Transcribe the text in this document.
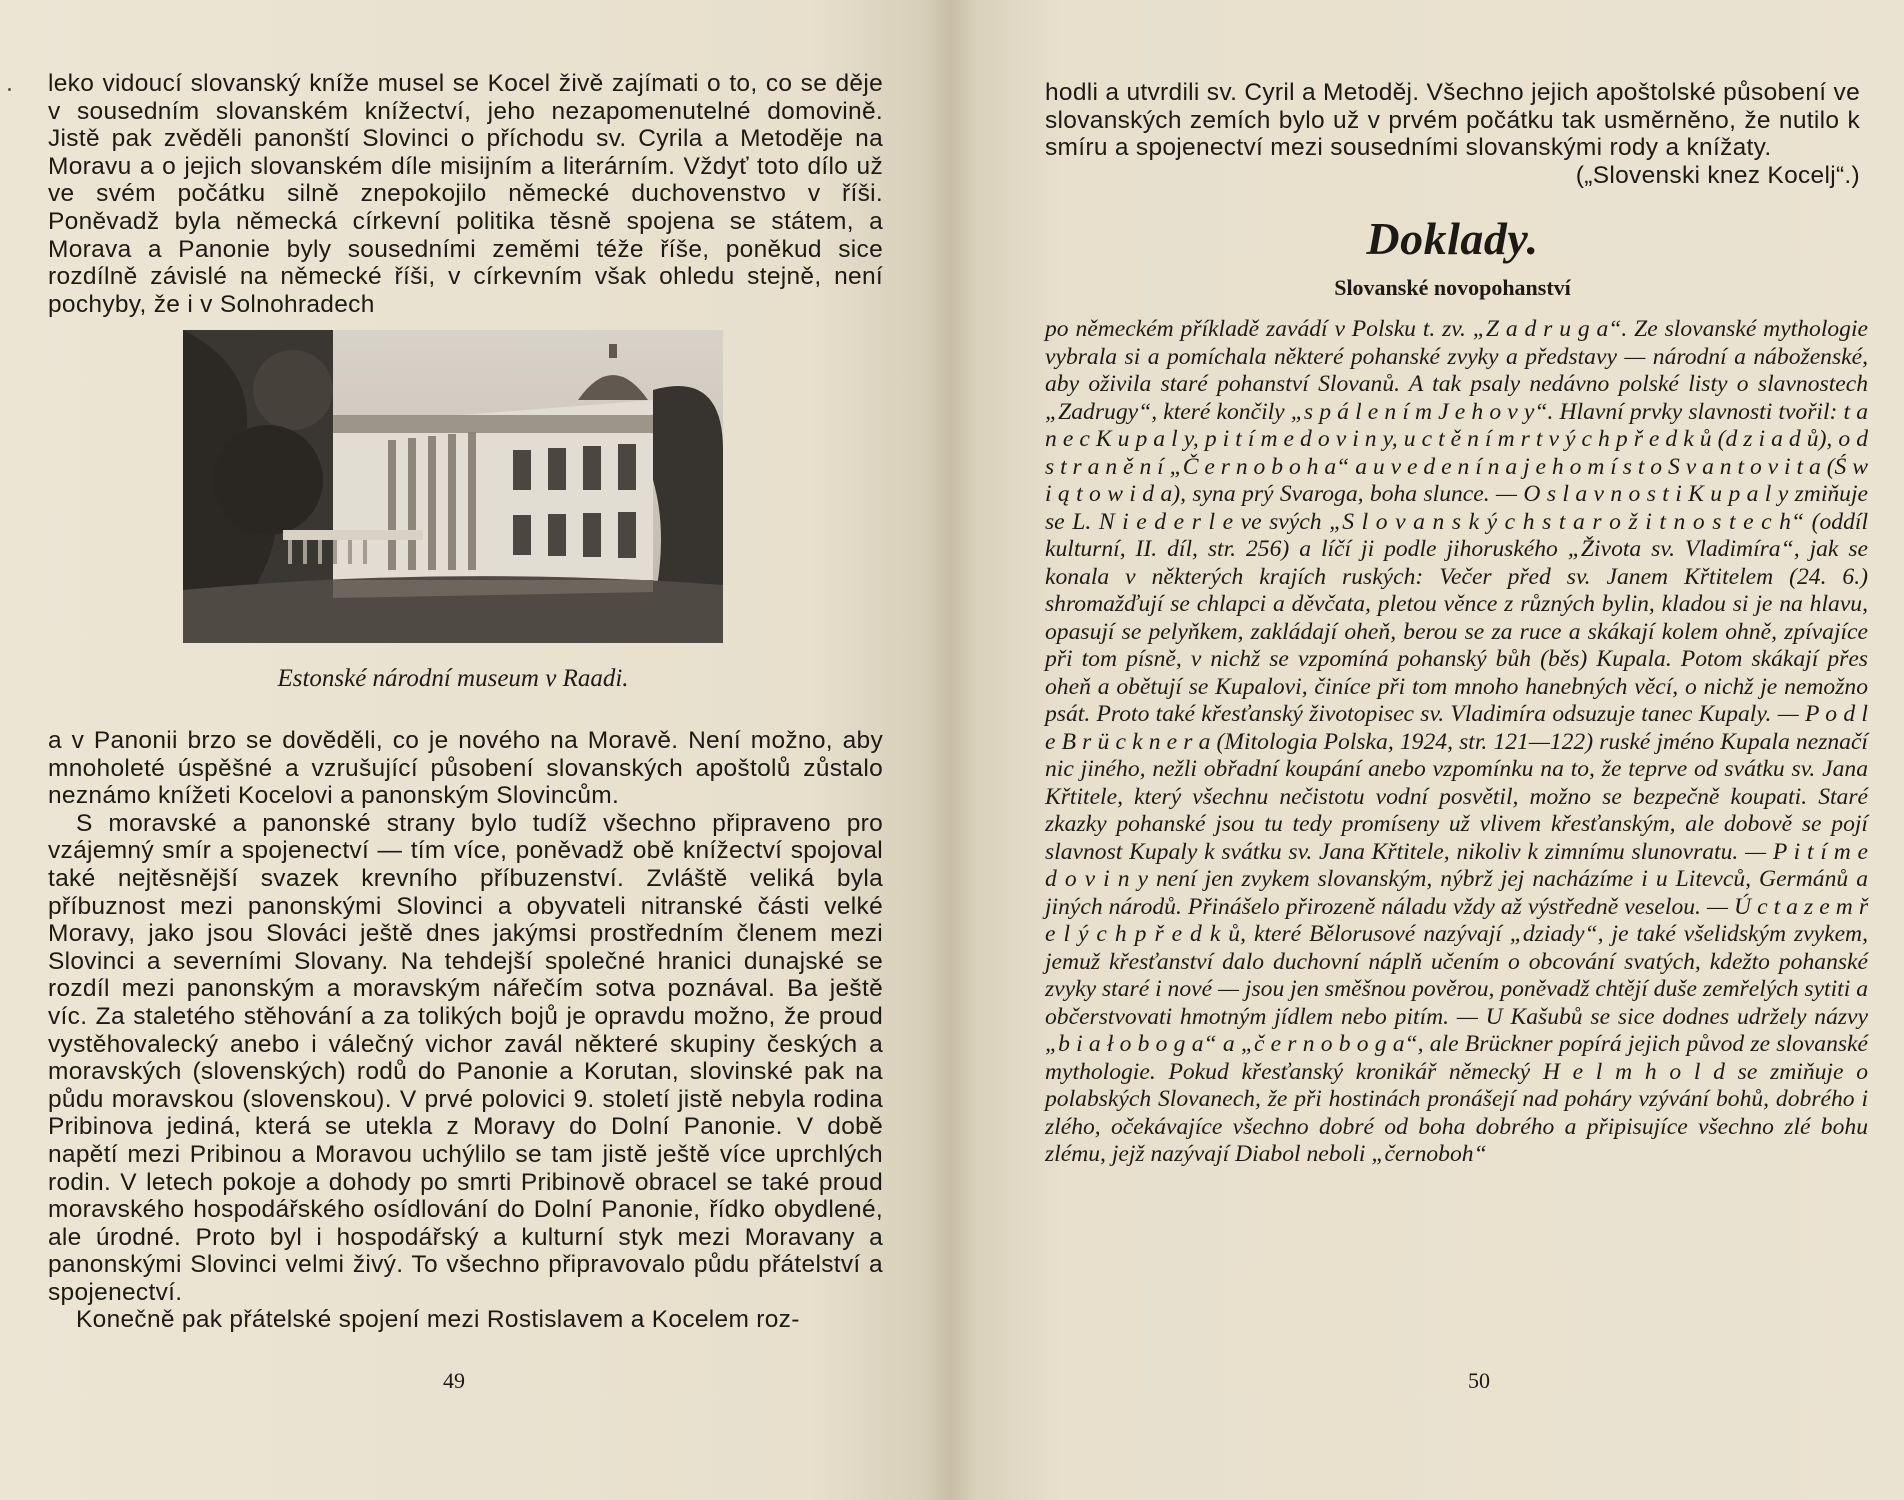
leko vidoucí slovanský kníže musel se Kocel živě zajímati o to, co se děje v sousedním slovanském knížectví, jeho nezapomenutelné domovině. Jistě pak zvěděli panonští Slovinci o příchodu sv. Cyrila a Metoděje na Moravu a o jejich slovanském díle misijním a literárním. Vždyť toto dílo už ve svém počátku silně znepokojilo německé duchovenstvo v říši. Poněvadž byla německá církevní politika těsně spojena se státem, a Morava a Panonie byly sousedními zeměmi téže říše, poněkud sice rozdílně závislé na německé říši, v církevním však ohledu stejně, není pochyby, že i v Solnohradech

Estonské národní museum v Raadi.

a v Panonii brzo se dověděli, co je nového na Moravě. Není možno, aby mnoholeté úspěšné a vzrušující působení slovanských apoštolů zůstalo neznámo knížeti Kocelovi a panonským Slovincům.

S moravské a panonské strany bylo tudíž všechno připraveno pro vzájemný smír a spojenectví — tím více, poněvadž obě knížectví spojoval také nejtěsnější svazek krevního příbuzenství. Zvláště veliká byla příbuznost mezi panonskými Slovinci a obyvateli nitranské části velké Moravy, jako jsou Slováci ještě dnes jakýmsi prostředním členem mezi Slovinci a severními Slovany. Na tehdejší společné hranici dunajské se rozdíl mezi panonským a moravským nářečím sotva poznával. Ba ještě víc. Za staletého stěhování a za tolikých bojů je opravdu možno, že proud vystěhovalecký anebo i válečný vichor zavál některé skupiny českých a moravských (slovenských) rodů do Panonie a Korutan, slovinské pak na půdu moravskou (slovenskou). V prvé polovici 9. století jistě nebyla rodina Pribinova jediná, která se utekla z Moravy do Dolní Panonie. V době napětí mezi Pribinou a Moravou uchýlilo se tam jistě ještě více uprchlých rodin. V letech pokoje a dohody po smrti Pribinově obracel se také proud moravského hospodářského osídlování do Dolní Panonie, řídko obydlené, ale úrodné. Proto byl i hospodářský a kulturní styk mezi Moravany a panonskými Slovinci velmi živý. To všechno připravovalo půdu přátelství a spojenectví.

Konečně pak přátelské spojení mezi Rostislavem a Kocelem roz-

49

hodli a utvrdili sv. Cyril a Metoděj. Všechno jejich apoštolské působení ve slovanských zemích bylo už v prvém počátku tak usměrněno, že nutilo k smíru a spojenectví mezi sousedními slovanskými rody a knížaty.
(„Slovenski knez Kocelj“.)

Doklady.
Slovanské novopohanství

po německém příkladě zavádí v Polsku t. zv. „Z a d r u g a“. Ze slovanské mythologie vybrala si a pomíchala některé pohanské zvyky a představy — národní a náboženské, aby oživila staré pohanství Slovanů. A tak psaly nedávno polské listy o slavnostech „Zadrugy“, které končily „s p á l e n í m J e h o v y“. Hlavní prvky slavnosti tvořil: t a n e c K u p a l y, p i t í m e d o v i n y, u c t ě n í m r t v ý c h p ř e d k ů (d z i a d ů), o d s t r a n ě n í „Č e r n o b o h a“ a u v e d e n í n a j e h o m í s t o S v a n t o v i t a (Ś w i ą t o w i d a), syna prý Svaroga, boha slunce. — O s l a v n o s t i K u p a l y zmiňuje se L. N i e d e r l e ve svých „S l o v a n s k ý c h s t a r o ž i t n o s t e c h“ (oddíl kulturní, II. díl, str. 256) a líčí ji podle jihoruského „Života sv. Vladimíra“, jak se konala v některých krajích ruských: Večer před sv. Janem Křtitelem (24. 6.) shromažďují se chlapci a děvčata, pletou věnce z různých bylin, kladou si je na hlavu, opasují se pelyňkem, zakládají oheň, berou se za ruce a skákají kolem ohně, zpívajíce při tom písně, v nichž se vzpomíná pohanský bůh (běs) Kupala. Potom skákají přes oheň a obětují se Kupalovi, činíce při tom mnoho hanebných věcí, o nichž je nemožno psát. Proto také křesťanský životopisec sv. Vladimíra odsuzuje tanec Kupaly. — P o d l e B r ü c k n e r a (Mitologia Polska, 1924, str. 121—122) ruské jméno Kupala neznačí nic jiného, nežli obřadní koupání anebo vzpomínku na to, že teprve od svátku sv. Jana Křtitele, který všechnu nečistotu vodní posvětil, možno se bezpečně koupati. Staré zkazky pohanské jsou tu tedy promíseny už vlivem křesťanským, ale dobově se pojí slavnost Kupaly k svátku sv. Jana Křtitele, nikoliv k zimnímu slunovratu. — P i t í m e d o v i n y není jen zvykem slovanským, nýbrž jej nacházíme i u Litevců, Germánů a jiných národů. Přinášelo přirozeně náladu vždy až výstředně veselou. — Ú c t a z e m ř e l ý c h p ř e d k ů, které Bělorusové nazývají „dziady“, je také všelidským zvykem, jemuž křesťanství dalo duchovní náplň učením o obcování svatých, kdežto pohanské zvyky staré i nové — jsou jen směšnou pověrou, poněvadž chtějí duše zemřelých sytiti a občerstvovati hmotným jídlem nebo pitím. — U Kašubů se sice dodnes udržely názvy „b i a ł o b o g a“ a „č e r n o b o g a“, ale Brückner popírá jejich původ ze slovanské mythologie. Pokud křesťanský kronikář německý H e l m h o l d se zmiňuje o polabských Slovanech, že při hostinách pronášejí nad poháry vzývání bohů, dobrého i zlého, očekávajíce všechno dobré od boha dobrého a připisujíce všechno zlé bohu zlému, jejž nazývají Diabol neboli „černoboh“

50
